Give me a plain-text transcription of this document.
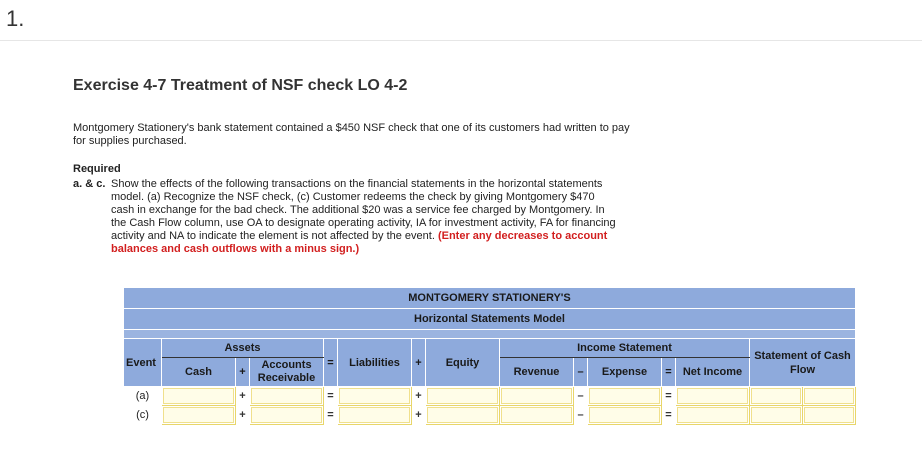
1.
Exercise 4-7 Treatment of NSF check LO 4-2
Montgomery Stationery's bank statement contained a $450 NSF check that one of its customers had written to pay for supplies purchased.
Required
a. & c. Show the effects of the following transactions on the financial statements in the horizontal statements model. (a) Recognize the NSF check, (c) Customer redeems the check by giving Montgomery $470 cash in exchange for the bad check. The additional $20 was a service fee charged by Montgomery. In the Cash Flow column, use OA to designate operating activity, IA for investment activity, FA for financing activity and NA to indicate the element is not affected by the event. (Enter any decreases to account balances and cash outflows with a minus sign.)
MONTGOMERY STATIONERY'S														
Horizontal Statements Model														

Event	Assets			=	Liabilities	+	Equity	Income Statement					Statement of Cash Flow	
	Cash	+	Accounts Receivable					Revenue	–	Expense	=	Net Income		
(a)		+		=		+			–		=	

(c)		+		=		+			–		=	
